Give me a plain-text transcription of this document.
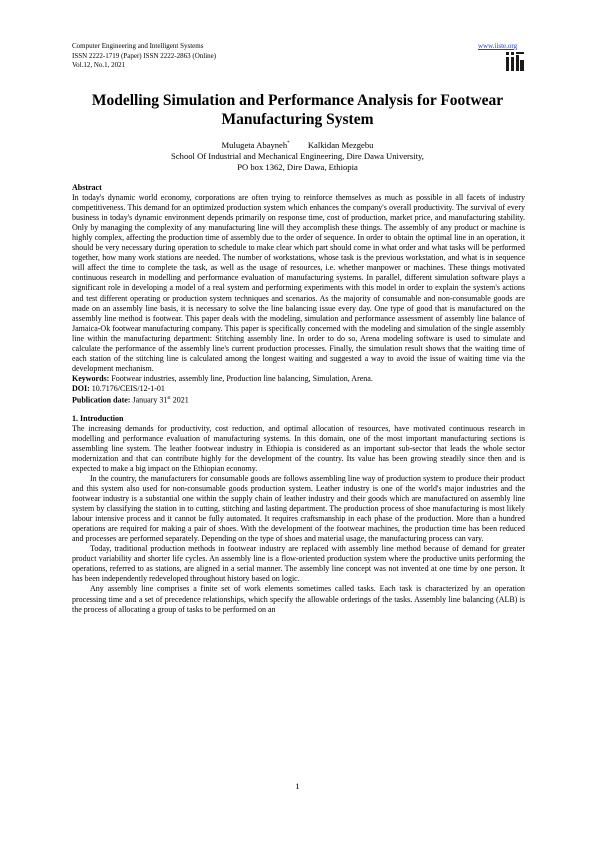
Computer Engineering and Intelligent Systems
ISSN 2222-1719 (Paper) ISSN 2222-2863 (Online)
Vol.12, No.1, 2021
www.iiste.org
Modelling Simulation and Performance Analysis for Footwear Manufacturing System
Mulugeta Abayneh* Kalkidan Mezgebu
School Of Industrial and Mechanical Engineering, Dire Dawa University,
PO box 1362, Dire Dawa, Ethiopia

Abstract

In today's dynamic world economy, corporations are often trying to reinforce themselves as much as possible in all facets of industry competitiveness. This demand for an optimized production system which enhances the company's overall productivity. The survival of every business in today's dynamic environment depends primarily on response time, cost of production, market price, and manufacturing stability. Only by managing the complexity of any manufacturing line will they accomplish these things. The assembly of any product or machine is highly complex, affecting the production time of assembly due to the order of sequence. In order to obtain the optimal line in an operation, it should be very necessary during operation to schedule to make clear which part should come in what order and what tasks will be performed together, how many work stations are needed. The number of workstations, whose task is the previous workstation, and what is in sequence will affect the time to complete the task, as well as the usage of resources, i.e. whether manpower or machines. These things motivated continuous research in modelling and performance evaluation of manufacturing systems. In parallel, different simulation software plays a significant role in developing a model of a real system and performing experiments with this model in order to explain the system's actions and test different operating or production system techniques and scenarios. As the majority of consumable and non-consumable goods are made on an assembly line basis, it is necessary to solve the line balancing issue every day. One type of good that is manufactured on the assembly line method is footwear. This paper deals with the modeling, simulation and performance assessment of assembly line balance of Jamaica-Ok footwear manufacturing company. This paper is specifically concerned with the modeling and simulation of the single assembly line within the manufacturing department: Stitching assembly line. In order to do so, Arena modeling software is used to simulate and calculate the performance of the assembly line's current production processes. Finally, the simulation result shows that the waiting time of each station of the stitching line is calculated among the longest waiting and suggested a way to avoid the issue of waiting time via the development mechanism.

Keywords: Footwear industries, assembly line, Production line balancing, Simulation, Arena.

DOI: 10.7176/CEIS/12-1-01

Publication date: January 31st 2021

1. Introduction

The increasing demands for productivity, cost reduction, and optimal allocation of resources, have motivated continuous research in modelling and performance evaluation of manufacturing systems. In this domain, one of the most important manufacturing sections is assembling line system. The leather footwear industry in Ethiopia is considered as an important sub-sector that leads the whole sector modernization and that can contribute highly for the development of the country. Its value has been growing steadily since then and is expected to make a big impact on the Ethiopian economy.

In the country, the manufacturers for consumable goods are follows assembling line way of production system to produce their product and this system also used for non-consumable goods production system. Leather industry is one of the world's major industries and the footwear industry is a substantial one within the supply chain of leather industry and their goods which are manufactured on assembly line system by classifying the station in to cutting, stitching and lasting department. The production process of shoe manufacturing is most likely labour intensive process and it cannot be fully automated. It requires craftsmanship in each phase of the production. More than a hundred operations are required for making a pair of shoes. With the development of the footwear machines, the production time has been reduced and processes are performed separately. Depending on the type of shoes and material usage, the manufacturing process can vary.

Today, traditional production methods in footwear industry are replaced with assembly line method because of demand for greater product variability and shorter life cycles. An assembly line is a flow-oriented production system where the productive units performing the operations, referred to as stations, are aligned in a serial manner. The assembly line concept was not invented at one time by one person. It has been independently redeveloped throughout history based on logic.

Any assembly line comprises a finite set of work elements sometimes called tasks. Each task is characterized by an operation processing time and a set of precedence relationships, which specify the allowable orderings of the tasks. Assembly line balancing (ALB) is the process of allocating a group of tasks to be performed on an

1
